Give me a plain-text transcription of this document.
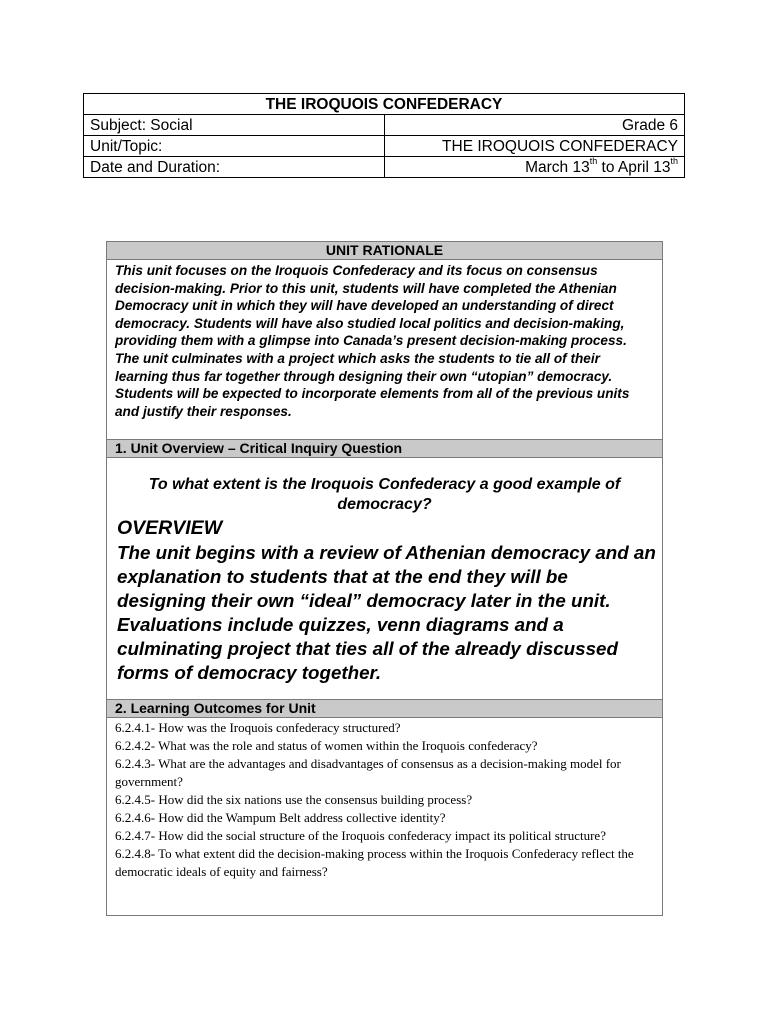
THE IROQUOIS CONFEDERACY	
Subject: Social	Grade 6
Unit/Topic:	THE IROQUOIS CONFEDERACY
Date and Duration:	March 13th to April 13th
UNIT RATIONALE
This unit focuses on the Iroquois Confederacy and its focus on consensus decision-making. Prior to this unit, students will have completed the Athenian Democracy unit in which they will have developed an understanding of direct democracy. Students will have also studied local politics and decision-making, providing them with a glimpse into Canada’s present decision-making process. The unit culminates with a project which asks the students to tie all of their learning thus far together through designing their own “utopian” democracy. Students will be expected to incorporate elements from all of the previous units and justify their responses.
1. Unit Overview – Critical Inquiry Question

To what extent is the Iroquois Confederacy a good example of democracy?

OVERVIEW

The unit begins with a review of Athenian democracy and an explanation to students that at the end they will be designing their own “ideal” democracy later in the unit. Evaluations include quizzes, venn diagrams and a culminating project that ties all of the already discussed forms of democracy together.

2. Learning Outcomes for Unit

6.2.4.1- How was the Iroquois confederacy structured?

6.2.4.2- What was the role and status of women within the Iroquois confederacy?

6.2.4.3- What are the advantages and disadvantages of consensus as a decision-making model for government?

6.2.4.5- How did the six nations use the consensus building process?

6.2.4.6- How did the Wampum Belt address collective identity?

6.2.4.7- How did the social structure of the Iroquois confederacy impact its political structure?

6.2.4.8- To what extent did the decision-making process within the Iroquois Confederacy reflect the democratic ideals of equity and fairness?
